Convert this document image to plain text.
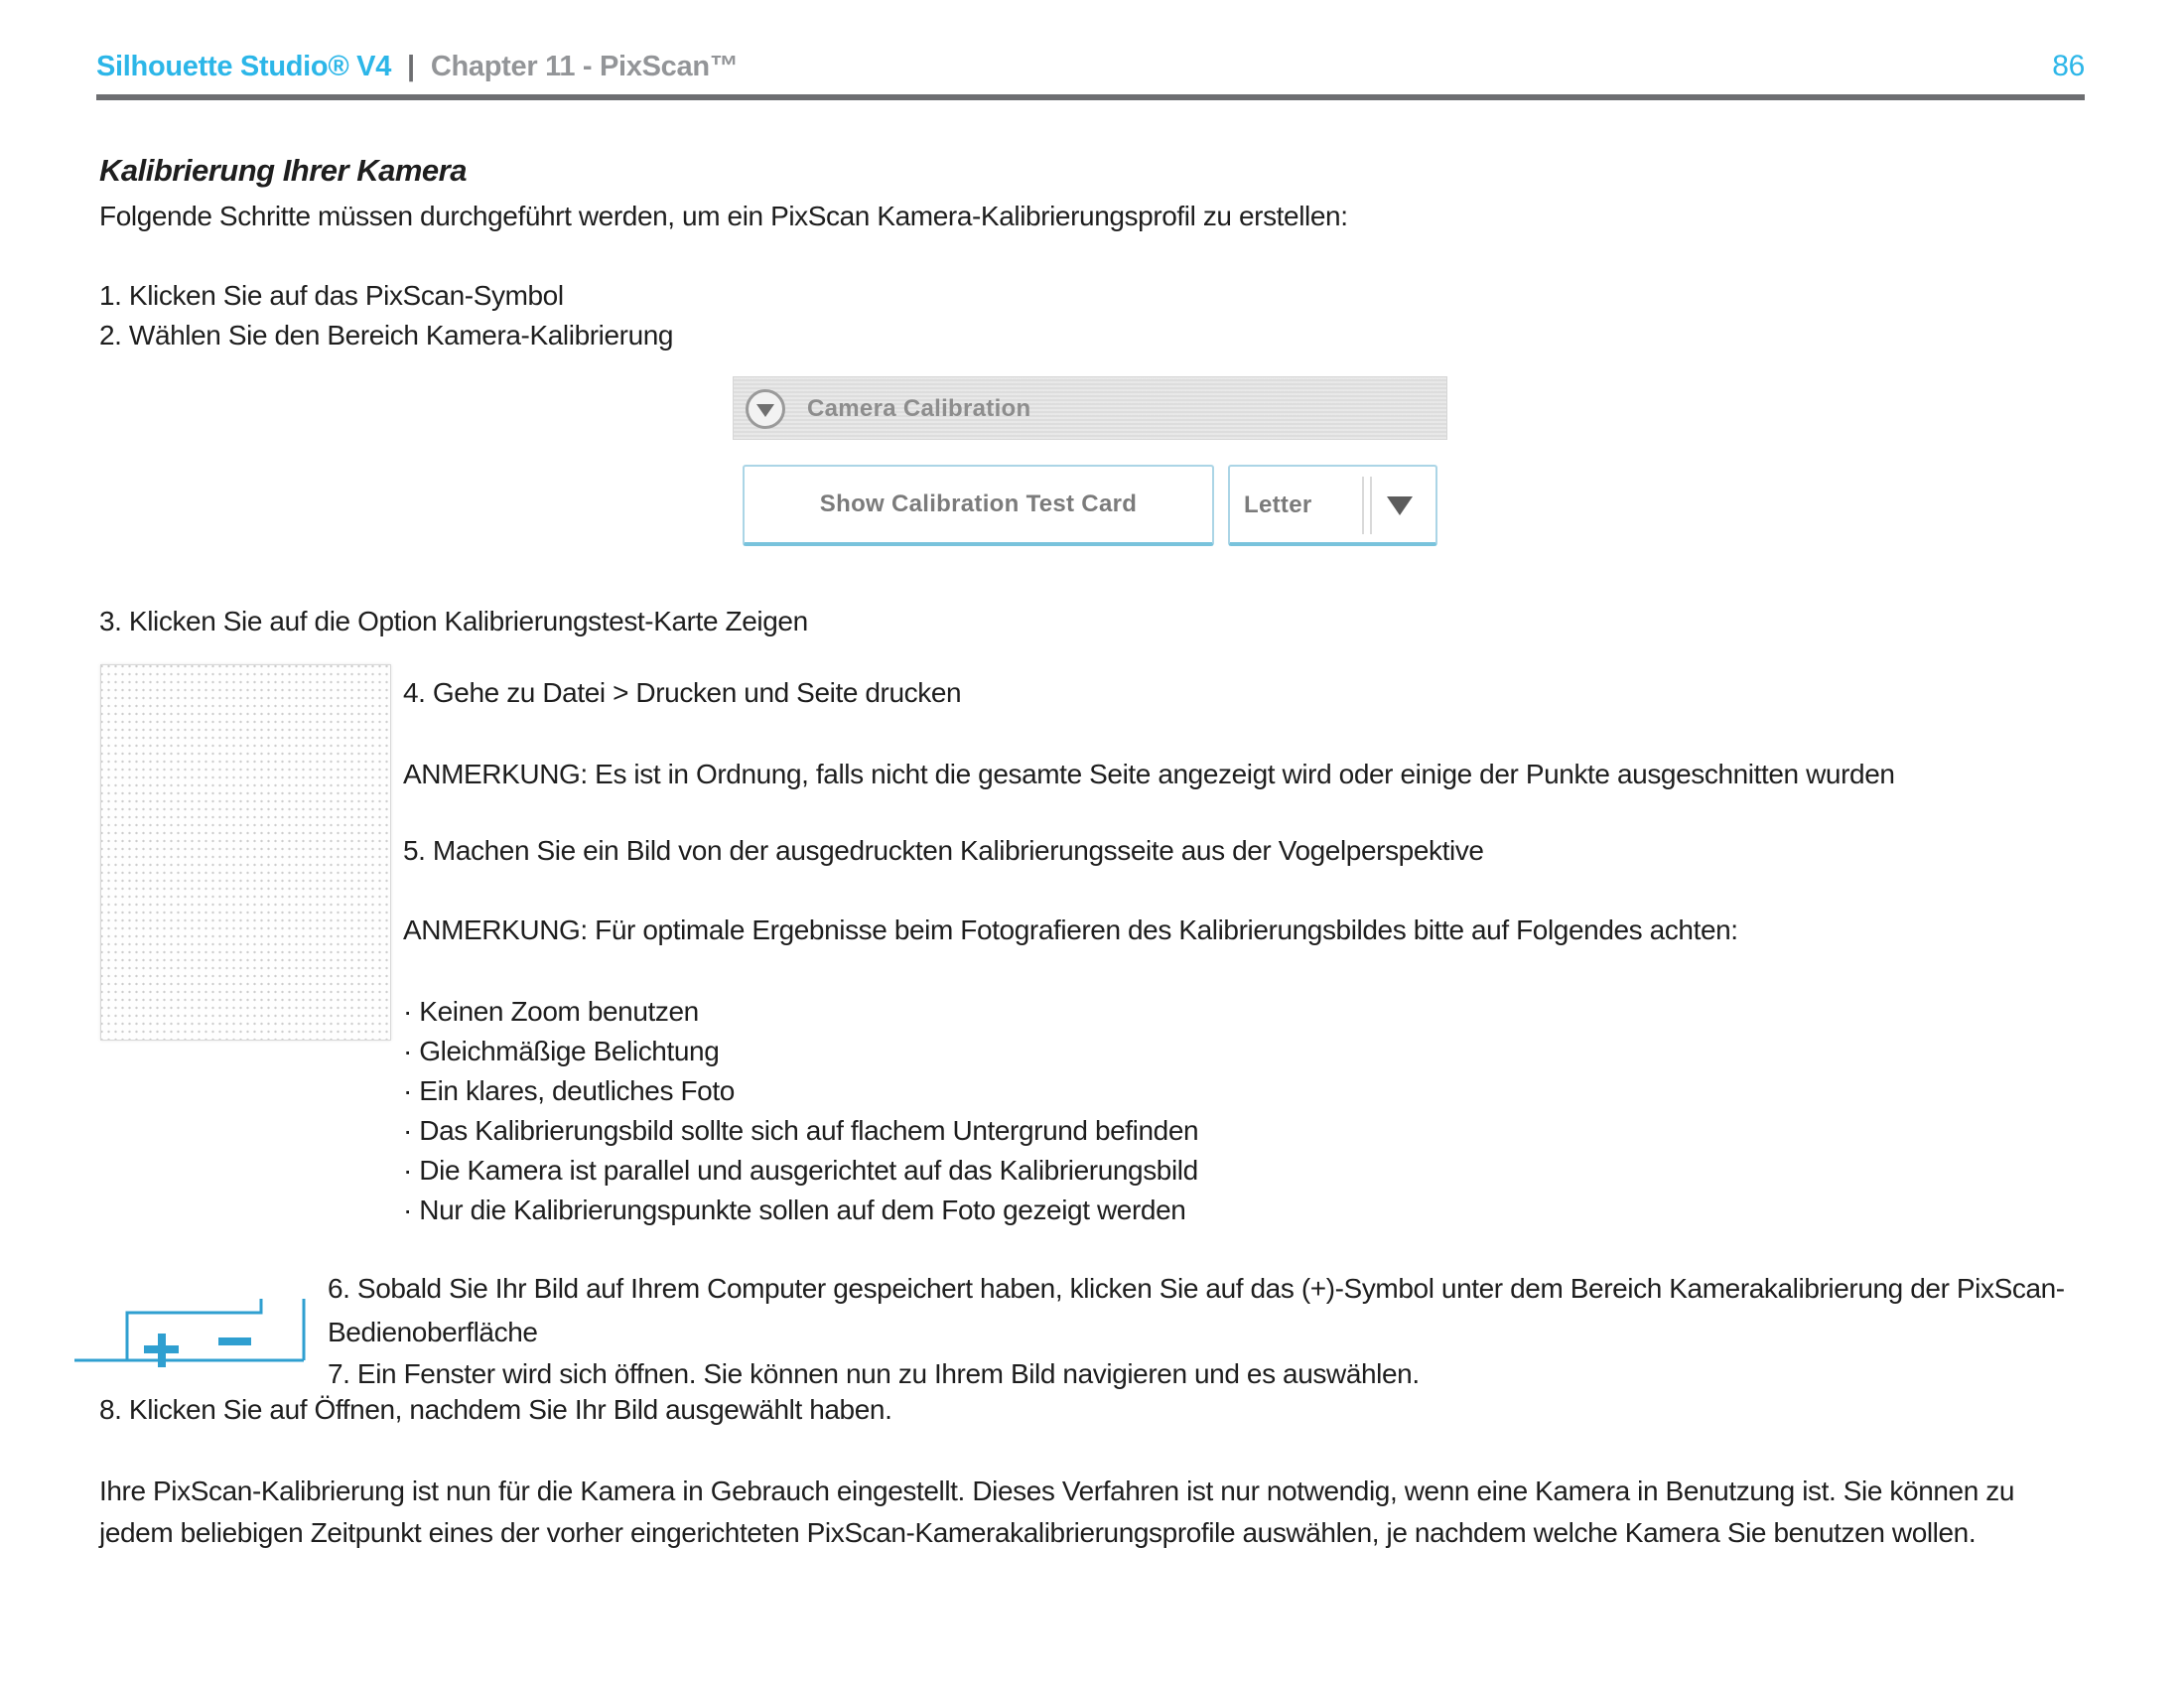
Silhouette Studio® V4 | Chapter 11 - PixScan™	86
Kalibrierung Ihrer Kamera
Folgende Schritte müssen durchgeführt werden, um ein PixScan Kamera-Kalibrierungsprofil zu erstellen:
1. Klicken Sie auf das PixScan-Symbol
2. Wählen Sie den Bereich Kamera-Kalibrierung
Camera Calibration
Show Calibration Test Card	Letter
3. Klicken Sie auf die Option Kalibrierungstest-Karte Zeigen
4. Gehe zu Datei > Drucken und Seite drucken
ANMERKUNG: Es ist in Ordnung, falls nicht die gesamte Seite angezeigt wird oder einige der Punkte ausgeschnitten wurden
5. Machen Sie ein Bild von der ausgedruckten Kalibrierungsseite aus der Vogelperspektive
ANMERKUNG: Für optimale Ergebnisse beim Fotografieren des Kalibrierungsbildes bitte auf Folgendes achten:
· Keinen Zoom benutzen
· Gleichmäßige Belichtung
· Ein klares, deutliches Foto
· Das Kalibrierungsbild sollte sich auf flachem Untergrund befinden
· Die Kamera ist parallel und ausgerichtet auf das Kalibrierungsbild
· Nur die Kalibrierungspunkte sollen auf dem Foto gezeigt werden
6. Sobald Sie Ihr Bild auf Ihrem Computer gespeichert haben, klicken Sie auf das (+)-Symbol unter dem Bereich Kamerakalibrierung der PixScan-Bedienoberfläche
7. Ein Fenster wird sich öffnen. Sie können nun zu Ihrem Bild navigieren und es auswählen.
8. Klicken Sie auf Öffnen, nachdem Sie Ihr Bild ausgewählt haben.
Ihre PixScan-Kalibrierung ist nun für die Kamera in Gebrauch eingestellt. Dieses Verfahren ist nur notwendig, wenn eine Kamera in Benutzung ist. Sie können zu jedem beliebigen Zeitpunkt eines der vorher eingerichteten PixScan-Kamerakalibrierungsprofile auswählen, je nachdem welche Kamera Sie benutzen wollen.
